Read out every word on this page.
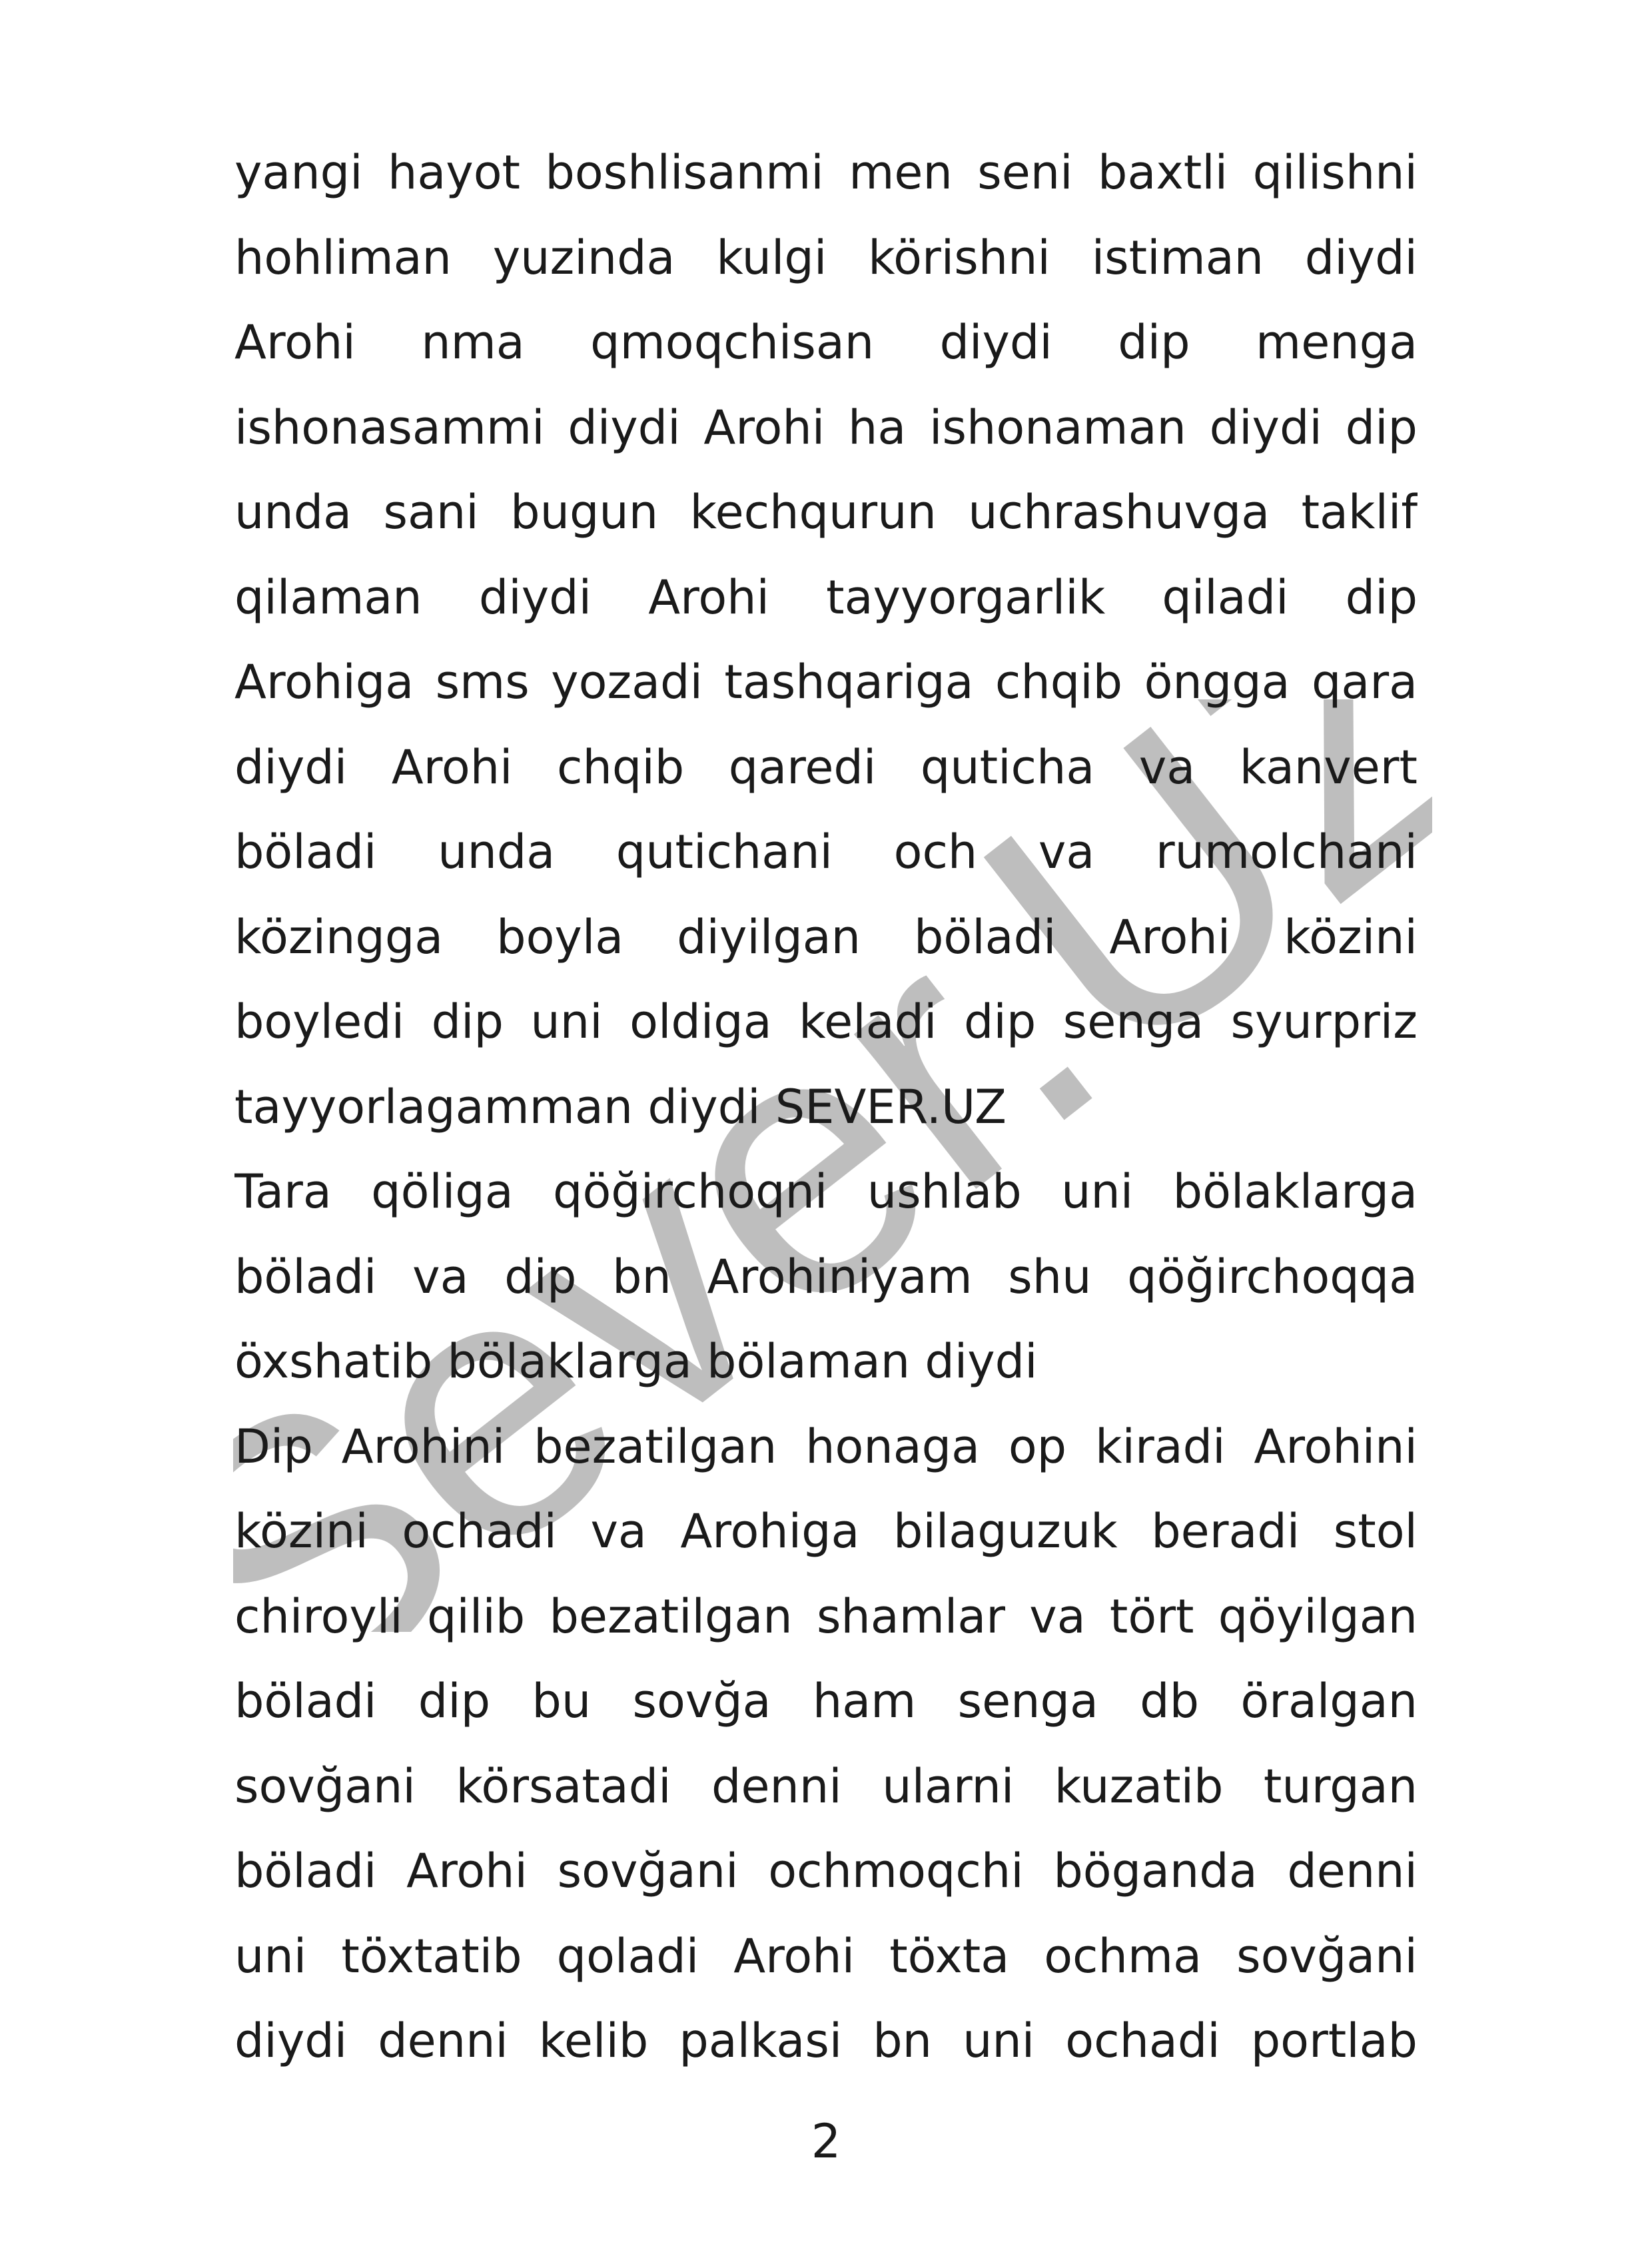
Sever.UZ
yangi hayot boshlisanmi men seni baxtli qilishni
hohliman yuzinda kulgi körishni istiman diydi
Arohi nma qmoqchisan diydi dip menga
ishonasammi diydi Arohi ha ishonaman diydi dip
unda sani bugun kechqurun uchrashuvga taklif
qilaman diydi Arohi tayyorgarlik qiladi dip
Arohiga sms yozadi tashqariga chqib öngga qara
diydi Arohi chqib qaredi quticha va kanvert
böladi unda qutichani och va rumolchani
közingga boyla diyilgan böladi Arohi közini
boyledi dip uni oldiga keladi dip senga syurpriz
tayyorlagamman diydi SEVER.UZ
Tara qöliga qöğirchoqni ushlab uni bölaklarga
böladi va dip bn Arohiniyam shu qöğirchoqqa
öxshatib bölaklarga bölaman diydi
Dip Arohini bezatilgan honaga op kiradi Arohini
közini ochadi va Arohiga bilaguzuk beradi stol
chiroyli qilib bezatilgan shamlar va tört qöyilgan
böladi dip bu sovğa ham senga db öralgan
sovğani körsatadi denni ularni kuzatib turgan
böladi Arohi sovğani ochmoqchi böganda denni
uni töxtatib qoladi Arohi töxta ochma sovğani
diydi denni kelib palkasi bn uni ochadi portlab
2
